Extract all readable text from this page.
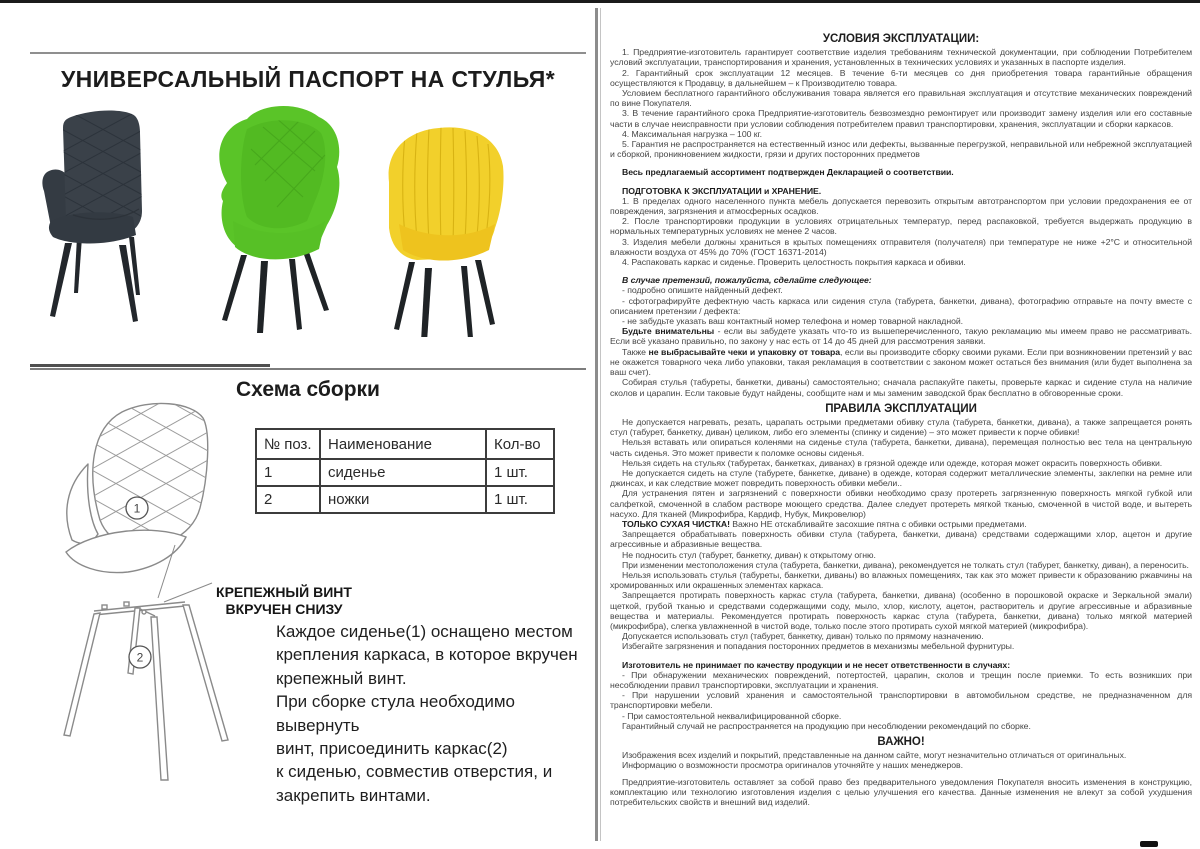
УНИВЕРСАЛЬНЫЙ ПАСПОРТ НА СТУЛЬЯ*
Схема сборки
1
2
№ поз.	Наименование	Кол-во
1	сиденье	1 шт.
2	ножки	1 шт.
КРЕПЕЖНЫЙ ВИНТ
ВКРУЧЕН СНИЗУ
Каждое сиденье(1) оснащено местом
крепления каркаса, в которое вкручен
крепежный винт.
При сборке стула необходимо вывернуть
винт, присоединить каркас(2)
к сиденью, совместив отверстия, и
закрепить винтами.
УСЛОВИЯ ЭКСПЛУАТАЦИИ:
1. Предприятие-изготовитель гарантирует соответствие изделия требованиям технической документации, при соблюдении Потребителем условий эксплуатации, транспортирования и хранения, установленных в технических условиях и указанных в паспорте изделия.
2. Гарантийный срок эксплуатации 12 месяцев. В течение 6-ти месяцев со дня приобретения товара гарантийные обращения осуществляются к Продавцу, в дальнейшем – к Производителю товара.
Условием бесплатного гарантийного обслуживания товара является его правильная эксплуатация и отсутствие механических повреждений по вине Покупателя.
3. В течение гарантийного срока Предприятие-изготовитель безвозмездно ремонтирует или производит замену изделия или его составные части в случае неисправности при условии соблюдения потребителем правил транспортировки, хранения, эксплуатации и сборки каркасов.
4. Максимальная нагрузка – 100 кг.
5. Гарантия не распространяется на естественный износ или дефекты, вызванные перегрузкой, неправильной или небрежной эксплуатацией и сборкой, проникновением жидкости, грязи и других посторонних предметов
Весь предлагаемый ассортимент подтвержден Декларацией о соответствии.
ПОДГОТОВКА К ЭКСПЛУАТАЦИИ и ХРАНЕНИЕ.
1. В пределах одного населенного пункта мебель допускается перевозить открытым автотранспортом при условии предохранения ее от повреждения, загрязнения и атмосферных осадков.
2. После транспортировки продукции в условиях отрицательных температур, перед распаковкой, требуется выдержать продукцию в нормальных температурных условиях не менее 2 часов.
3. Изделия мебели должны храниться в крытых помещениях отправителя (получателя) при температуре не ниже +2°С и относительной влажности воздуха от 45% до 70% (ГОСТ 16371-2014)
4. Распаковать каркас и сиденье. Проверить целостность покрытия каркаса и обивки.
В случае претензий, пожалуйста, сделайте следующее:
- подробно опишите найденный дефект.
- сфотографируйте дефектную часть каркаса или сидения стула (табурета, банкетки, дивана), фотографию отправьте на почту вместе с описанием претензии / дефекта:
- не забудьте указать ваш контактный номер телефона и номер товарной накладной.
Будьте внимательны - если вы забудете указать что-то из вышеперечисленного, такую рекламацию мы имеем право не рассматривать. Если всё указано правильно, по закону у нас есть от 14 до 45 дней для рассмотрения заявки.
Также не выбрасывайте чеки и упаковку от товара, если вы производите сборку своими руками. Если при возникновении претензий у вас не окажется товарного чека либо упаковки, такая рекламация в соответствии с законом может остаться без внимания (или будет выполнена за ваш счет).
Собирая стулья (табуреты, банкетки, диваны) самостоятельно; сначала распакуйте пакеты, проверьте каркас и сидение стула на наличие сколов и царапин. Если таковые будут найдены, сообщите нам и мы заменим заводской брак бесплатно в обговоренные сроки.
ПРАВИЛА ЭКСПЛУАТАЦИИ
Не допускается нагревать, резать, царапать острыми предметами обивку стула (табурета, банкетки, дивана), а также запрещается ронять стул (табурет, банкетку, диван) целиком, либо его элементы (спинку и сидение) – это может привести к порче обивки!
Нельзя вставать или опираться коленями на сиденье стула (табурета, банкетки, дивана), перемещая полностью вес тела на центральную часть сиденья. Это может привести к поломке основы сиденья.
Нельзя сидеть на стульях (табуретах, банкетках, диванах) в грязной одежде или одежде, которая может окрасить поверхность обивки.
Не допускается сидеть на стуле (табурете, банкетке, диване) в одежде, которая содержит металлические элементы, заклепки на ремне или джинсах, и как следствие может повредить поверхность обивки мебели..
Для устранения пятен и загрязнений с поверхности обивки необходимо сразу протереть загрязненную поверхность мягкой губкой или салфеткой, смоченной в слабом растворе моющего средства. Далее следует протереть мягкой тканью, смоченной в чистой воде, и вытереть насухо. Для тканей (Микрофибра, Кардиф, Нубук, Микровелюр)
ТОЛЬКО СУХАЯ ЧИСТКА! Важно НЕ отскабливайте засохшие пятна с обивки острыми предметами.
Запрещается обрабатывать поверхность обивки стула (табурета, банкетки, дивана) средствами содержащими хлор, ацетон и другие агрессивные и абразивные вещества.
Не подносить стул (табурет, банкетку, диван) к открытому огню.
При изменении местоположения стула (табурета, банкетки, дивана), рекомендуется не толкать стул (табурет, банкетку, диван), а переносить.
Нельзя использовать стулья (табуреты, банкетки, диваны) во влажных помещениях, так как это может привести к образованию ржавчины на хромированных или окрашенных элементах каркаса.
Запрещается протирать поверхность каркас стула (табурета, банкетки, дивана) (особенно в порошковой окраске и Зеркальной эмали) щеткой, грубой тканью и средствами содержащими соду, мыло, хлор, кислоту, ацетон, растворитель и другие агрессивные и абразивные вещества и материалы. Рекомендуется протирать поверхность каркас стула (табурета, банкетки, дивана) только мягкой материей (микрофибра), слегка увлажненной в чистой воде, только после этого протирать сухой мягкой материей (микрофибра).
Допускается использовать стул (табурет, банкетку, диван) только по прямому назначению.
Избегайте загрязнения и попадания посторонних предметов в механизмы мебельной фурнитуры.
Изготовитель не принимает по качеству продукции и не несет ответственности в случаях:
- При обнаружении механических повреждений, потертостей, царапин, сколов и трещин после приемки. То есть возникших при несоблюдении правил транспортировки, эксплуатации и хранения.
- При нарушении условий хранения и самостоятельной транспортировки в автомобильном средстве, не предназначенном для транспортировки мебели.
- При самостоятельной неквалифицированной сборке.
Гарантийный случай не распространяется на продукцию при несоблюдении рекомендаций по сборке.
ВАЖНО!
Изображения всех изделий и покрытий, представленные на данном сайте, могут незначительно отличаться от оригинальных.
Информацию о возможности просмотра оригиналов уточняйте у наших менеджеров.
Предприятие-изготовитель оставляет за собой право без предварительного уведомления Покупателя вносить изменения в конструкцию, комплектацию или технологию изготовления изделия с целью улучшения его качества. Данные изменения не влекут за собой ухудшения потребительских свойств и внешний вид изделий.
